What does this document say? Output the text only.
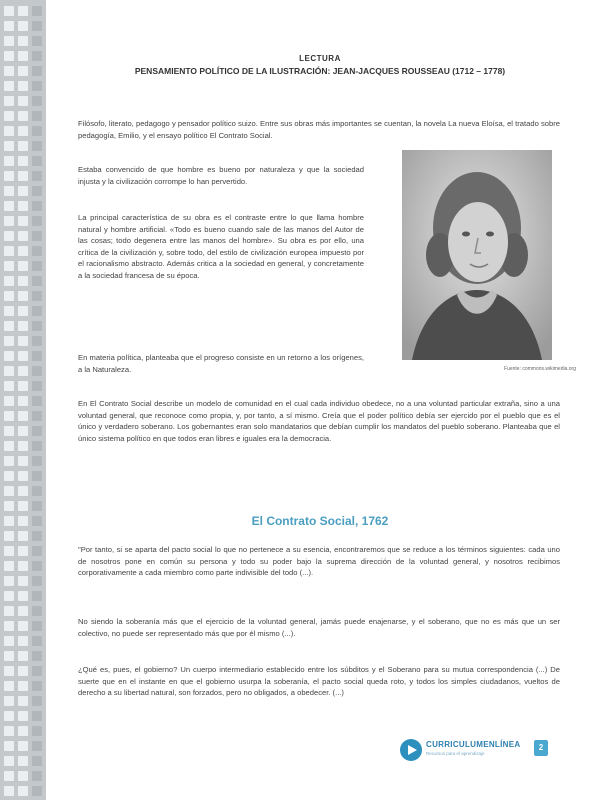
LECTURA
PENSAMIENTO POLÍTICO DE LA ILUSTRACIÓN: JEAN-JACQUES ROUSSEAU (1712 – 1778)

Filósofo, literato, pedagogo y pensador político suizo. Entre sus obras más importantes se cuentan, la novela La nueva Eloísa, el tratado sobre pedagogía, Emilio, y el ensayo político El Contrato Social.

Estaba convencido de que hombre es bueno por naturaleza y que la sociedad injusta y la civilización corrompe lo han pervertido.

La principal característica de su obra es el contraste entre lo que llama hombre natural y hombre artificial. «Todo es bueno cuando sale de las manos del Autor de las cosas; todo degenera entre las manos del hombre». Su obra es por ello, una crítica de la civilización y, sobre todo, del estilo de civilización europea impuesto por el racionalismo abstracto. Además critica a la sociedad en general, y concretamente a la sociedad francesa de su época.

En materia política, planteaba que el progreso consiste en un retorno a los orígenes, a la Naturaleza.	Fuente: commons.wikimedia.org

En El Contrato Social describe un modelo de comunidad en el cual cada individuo obedece, no a una voluntad particular extraña, sino a una voluntad general, que reconoce como propia, y, por tanto, a sí mismo. Creía que el poder político debía ser ejercido por el pueblo que es el único y verdadero soberano. Los gobernantes eran solo mandatarios que debían cumplir los mandatos del pueblo soberano. Planteaba que el único sistema político en que todos eran libres e iguales era la democracia.

El Contrato Social, 1762

"Por tanto, si se aparta del pacto social lo que no pertenece a su esencia, encontraremos que se reduce a los términos siguientes: cada uno de nosotros pone en común su persona y todo su poder bajo la suprema dirección de la voluntad general, y nosotros recibimos corporativamente a cada miembro como parte indivisible del todo (...).

No siendo la soberanía más que el ejercicio de la voluntad general, jamás puede enajenarse, y el soberano, que no es más que un ser colectivo, no puede ser representado más que por él mismo (...).

¿Qué es, pues, el gobierno? Un cuerpo intermediario establecido entre los súbditos y el Soberano para su mutua correspondencia (...) De suerte que en el instante en que el gobierno usurpa la soberanía, el pacto social queda roto, y todos los simples ciudadanos, vueltos de derecho a su libertad natural, son forzados, pero no obligados, a obedecer. (...)

CURRICULUMENLÍNEA
Recursos para el aprendizaje
2
